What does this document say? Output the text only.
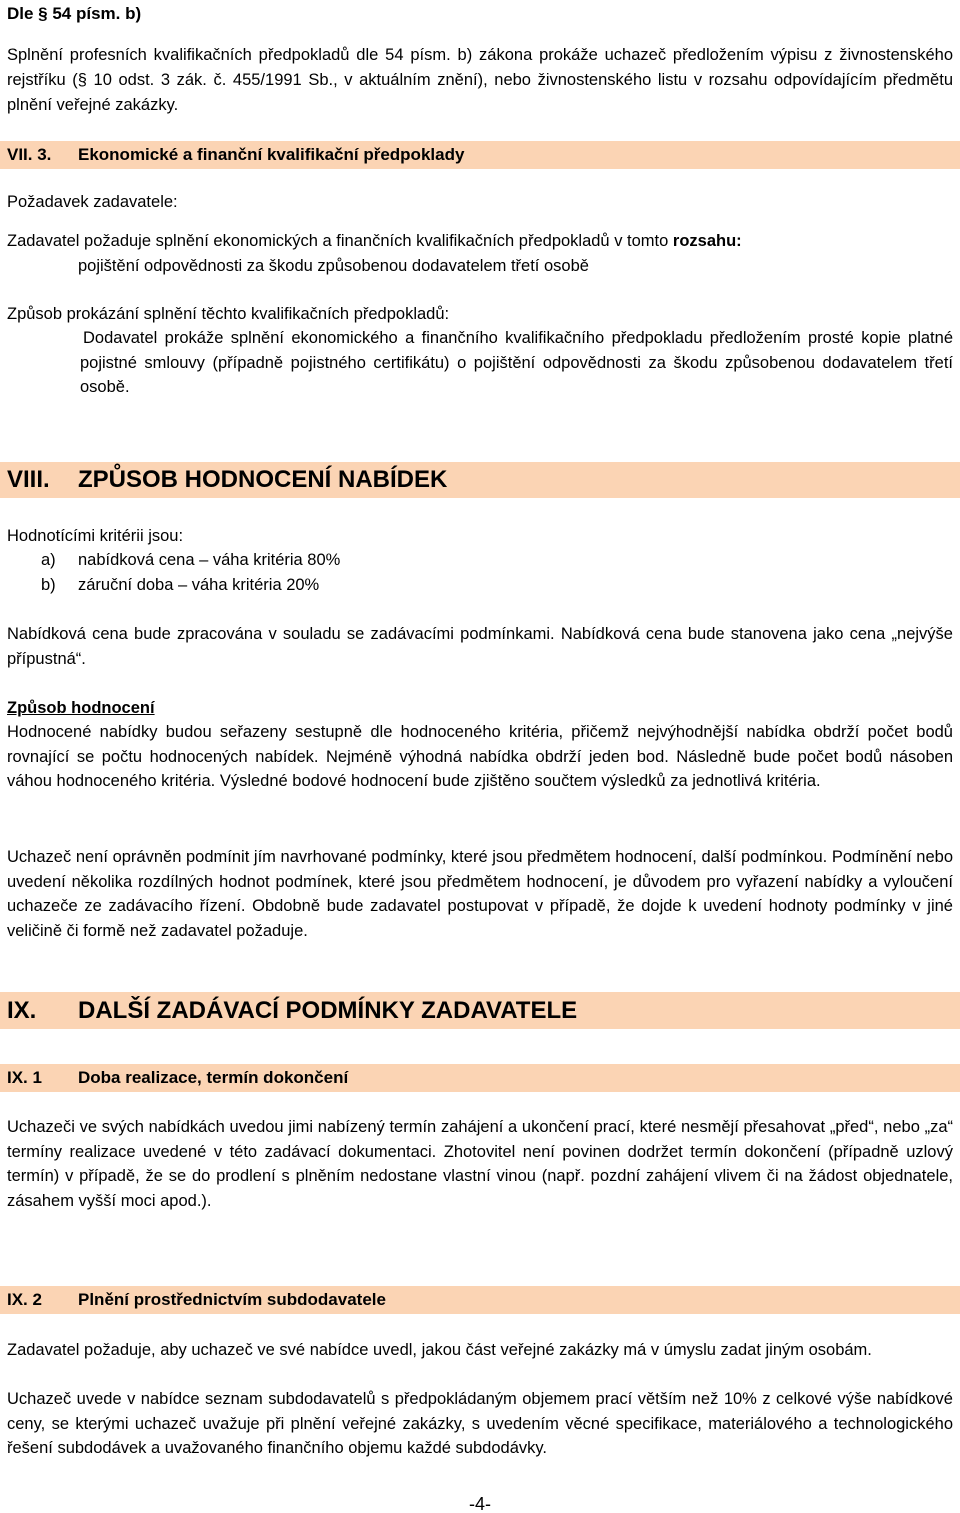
Dle § 54 písm. b)

Splnění profesních kvalifikačních předpokladů dle 54 písm. b) zákona prokáže uchazeč předložením výpisu z živnostenského rejstříku (§ 10 odst. 3 zák. č. 455/1991 Sb., v aktuálním znění), nebo živnostenského listu v rozsahu odpovídajícím předmětu plnění veřejné zakázky.

VII. 3. Ekonomické a finanční kvalifikační předpoklady
Požadavek zadavatele:
Zadavatel požaduje splnění ekonomických a finančních kvalifikačních předpokladů v tomto rozsahu:
pojištění odpovědnosti za škodu způsobenou dodavatelem třetí osobě
Způsob prokázání splnění těchto kvalifikačních předpokladů:

Dodavatel prokáže splnění ekonomického a finančního kvalifikačního předpokladu předložením prosté kopie platné pojistné smlouvy (případně pojistného certifikátu) o pojištění odpovědnosti za škodu způsobenou dodavatelem třetí osobě.

VIII. ZPŮSOB HODNOCENÍ NABÍDEK
Hodnotícími kritérii jsou:
a) nabídková cena – váha kritéria 80%
b) záruční doba – váha kritéria 20%

Nabídková cena bude zpracována v souladu se zadávacími podmínkami. Nabídková cena bude stanovena jako cena „nejvýše přípustná“.

Způsob hodnocení

Hodnocené nabídky budou seřazeny sestupně dle hodnoceného kritéria, přičemž nejvýhodnější nabídka obdrží počet bodů rovnající se počtu hodnocených nabídek. Nejméně výhodná nabídka obdrží jeden bod. Následně bude počet bodů násoben váhou hodnoceného kritéria. Výsledné bodové hodnocení bude zjištěno součtem výsledků za jednotlivá kritéria.

Uchazeč není oprávněn podmínit jím navrhované podmínky, které jsou předmětem hodnocení, další podmínkou. Podmínění nebo uvedení několika rozdílných hodnot podmínek, které jsou předmětem hodnocení, je důvodem pro vyřazení nabídky a vyloučení uchazeče ze zadávacího řízení. Obdobně bude zadavatel postupovat v případě, že dojde k uvedení hodnoty podmínky v jiné veličině či formě než zadavatel požaduje.

IX. DALŠÍ ZADÁVACÍ PODMÍNKY ZADAVATELE
IX. 1 Doba realizace, termín dokončení

Uchazeči ve svých nabídkách uvedou jimi nabízený termín zahájení a ukončení prací, které nesmějí přesahovat „před“, nebo „za“ termíny realizace uvedené v této zadávací dokumentaci. Zhotovitel není povinen dodržet termín dokončení (případně uzlový termín) v případě, že se do prodlení s plněním nedostane vlastní vinou (např. pozdní zahájení vlivem či na žádost objednatele, zásahem vyšší moci apod.).

IX. 2 Plnění prostřednictvím subdodavatele

Zadavatel požaduje, aby uchazeč ve své nabídce uvedl, jakou část veřejné zakázky má v úmyslu zadat jiným osobám.

Uchazeč uvede v nabídce seznam subdodavatelů s předpokládaným objemem prací větším než 10% z celkové výše nabídkové ceny, se kterými uchazeč uvažuje při plnění veřejné zakázky, s uvedením věcné specifikace, materiálového a technologického řešení subdodávek a uvažovaného finančního objemu každé subdodávky.

-4-
